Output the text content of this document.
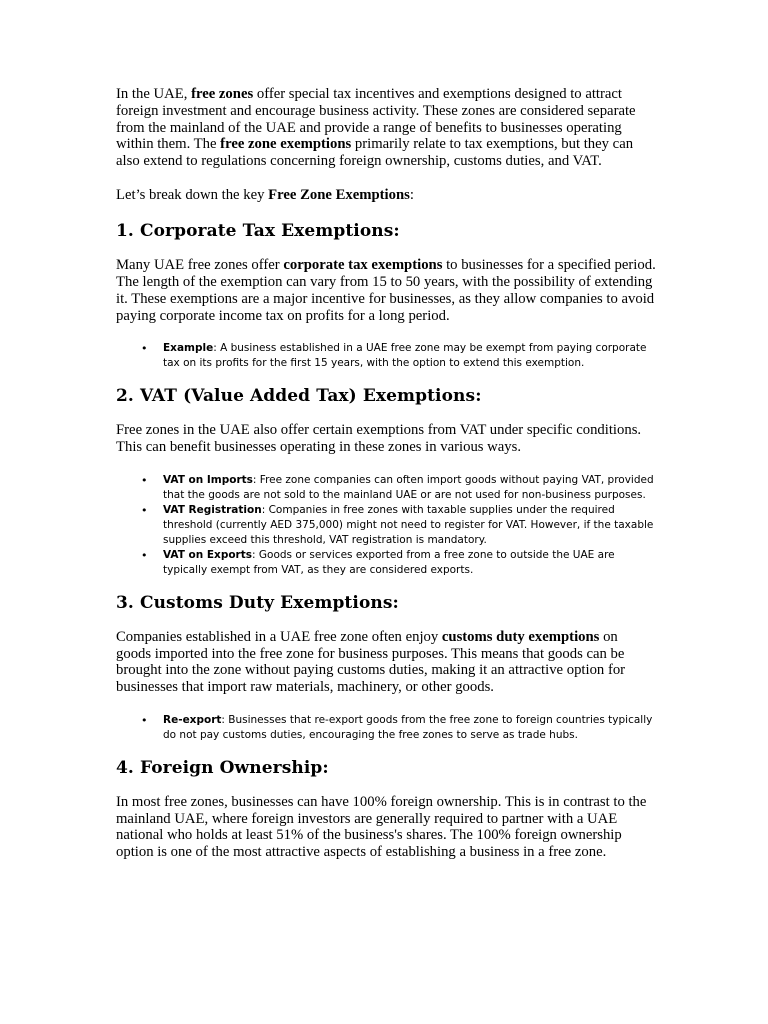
In the UAE, free zones offer special tax incentives and exemptions designed to attract foreign investment and encourage business activity. These zones are considered separate from the mainland of the UAE and provide a range of benefits to businesses operating within them. The free zone exemptions primarily relate to tax exemptions, but they can also extend to regulations concerning foreign ownership, customs duties, and VAT.

Let’s break down the key Free Zone Exemptions:

1. Corporate Tax Exemptions:

Many UAE free zones offer corporate tax exemptions to businesses for a specified period. The length of the exemption can vary from 15 to 50 years, with the possibility of extending it. These exemptions are a major incentive for businesses, as they allow companies to avoid paying corporate income tax on profits for a long period.

• Example: A business established in a UAE free zone may be exempt from paying corporate tax on its profits for the first 15 years, with the option to extend this exemption.
2. VAT (Value Added Tax) Exemptions:

Free zones in the UAE also offer certain exemptions from VAT under specific conditions. This can benefit businesses operating in these zones in various ways.

• VAT on Imports: Free zone companies can often import goods without paying VAT, provided that the goods are not sold to the mainland UAE or are not used for non-business purposes.
• VAT Registration: Companies in free zones with taxable supplies under the required threshold (currently AED 375,000) might not need to register for VAT. However, if the taxable supplies exceed this threshold, VAT registration is mandatory.
• VAT on Exports: Goods or services exported from a free zone to outside the UAE are typically exempt from VAT, as they are considered exports.
3. Customs Duty Exemptions:

Companies established in a UAE free zone often enjoy customs duty exemptions on goods imported into the free zone for business purposes. This means that goods can be brought into the zone without paying customs duties, making it an attractive option for businesses that import raw materials, machinery, or other goods.

• Re-export: Businesses that re-export goods from the free zone to foreign countries typically do not pay customs duties, encouraging the free zones to serve as trade hubs.
4. Foreign Ownership:

In most free zones, businesses can have 100% foreign ownership. This is in contrast to the mainland UAE, where foreign investors are generally required to partner with a UAE national who holds at least 51% of the business's shares. The 100% foreign ownership option is one of the most attractive aspects of establishing a business in a free zone.
